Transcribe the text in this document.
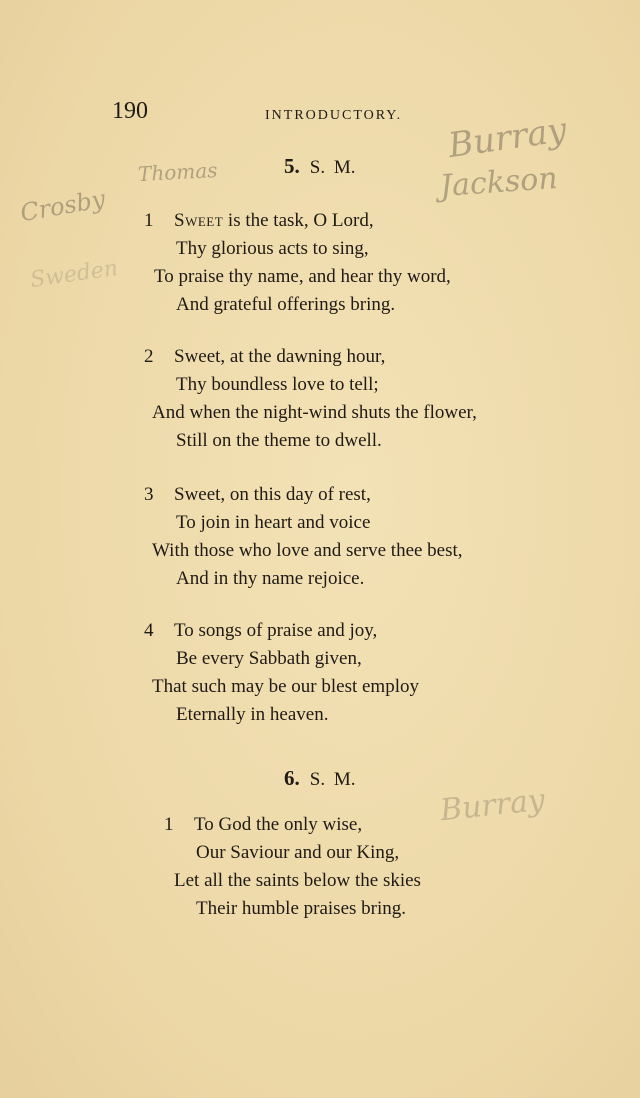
190	INTRODUCTORY. Burray
Thomas	Jackson
Crosby
Sweden
Burray
5. S. M.
1 Sweet is the task, O Lord,
Thy glorious acts to sing,
To praise thy name, and hear thy word,
And grateful offerings bring.
2 Sweet, at the dawning hour,
Thy boundless love to tell;
And when the night-wind shuts the flower,
Still on the theme to dwell.
3 Sweet, on this day of rest,
To join in heart and voice
With those who love and serve thee best,
And in thy name rejoice.
4 To songs of praise and joy,
Be every Sabbath given,
That such may be our blest employ
Eternally in heaven.
6. S. M.
1 To God the only wise,
Our Saviour and our King,
Let all the saints below the skies
Their humble praises bring.
